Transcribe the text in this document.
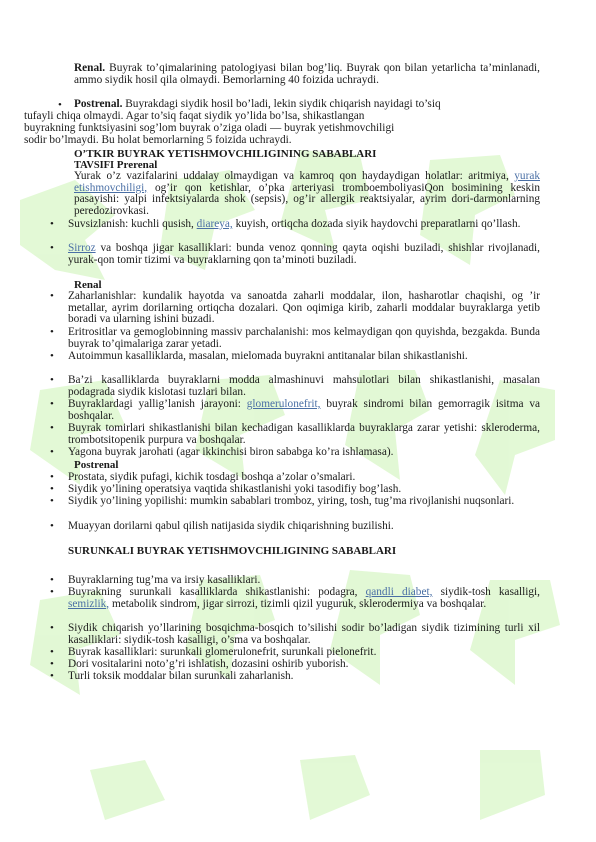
Renal. Buyrak to’qimalarining patologiyasi bilan bog’liq. Buyrak qon bilan yetarlicha ta’minlanadi, ammo siydik hosil qila olmaydi. Bemorlarning 40 foizida uchraydi.
• Postrenal. Buyrakdagi siydik hosil bo’ladi, lekin siydik chiqarish nayidagi to’siq
tufayli chiqa olmaydi. Agar to’siq faqat siydik yo’lida bo’lsa, shikastlangan
buyrakning funktsiyasini sog’lom buyrak o’ziga oladi — buyrak yetishmovchiligi
sodir bo’lmaydi. Bu holat bemorlarning 5 foizida uchraydi.
O’TKIR BUYRAK YETISHMOVCHILIGINING SABABLARI
TAVSIFI Prerenal
Yurak o’z vazifalarini uddalay olmaydigan va kamroq qon haydaydigan holatlar: aritmiya, yurak etishmovchiligi, og’ir qon ketishlar, o’pka arteriyasi tromboemboliyasiQon bosimining keskin pasayishi: yalpi infektsiyalarda shok (sepsis), og’ir allergik reaktsiyalar, ayrim dori-darmonlarning peredozirovkasi.
• Suvsizlanish: kuchli qusish, diareya, kuyish, ortiqcha dozada siyik haydovchi preparatlarni qo’llash.
• Sirroz va boshqa jigar kasalliklari: bunda venoz qonning qayta oqishi buziladi, shishlar rivojlanadi, yurak-qon tomir tizimi va buyraklarning qon ta’minoti buziladi.
Renal
• Zaharlanishlar: kundalik hayotda va sanoatda zaharli moddalar, ilon, hasharotlar chaqishi, og ’ir metallar, ayrim dorilarning ortiqcha dozalari. Qon oqimiga kirib, zaharli moddalar buyraklarga yetib boradi va ularning ishini buzadi.
• Eritrositlar va gemoglobinning massiv parchalanishi: mos kelmaydigan qon quyishda, bezgakda. Bunda buyrak to’qimalariga zarar yetadi.
• Autoimmun kasalliklarda, masalan, mielomada buyrakni antitanalar bilan shikastlanishi.
• Ba’zi kasalliklarda buyraklarni modda almashinuvi mahsulotlari bilan shikastlanishi, masalan podagrada siydik kislotasi tuzlari bilan.
• Buyraklardagi yallig’lanish jarayoni: glomerulonefrit, buyrak sindromi bilan gemorragik isitma va boshqalar.
• Buyrak tomirlari shikastlanishi bilan kechadigan kasalliklarda buyraklarga zarar yetishi: skleroderma, trombotsitopenik purpura va boshqalar.
• Yagona buyrak jarohati (agar ikkinchisi biron sababga ko’ra ishlamasa).
Postrenal
• Prostata, siydik pufagi, kichik tosdagi boshqa a’zolar o’smalari.
• Siydik yo’lining operatsiya vaqtida shikastlanishi yoki tasodifiy bog’lash.
• Siydik yo’lining yopilishi: mumkin sabablari tromboz, yiring, tosh, tug’ma rivojlanishi nuqsonlari.
• Muayyan dorilarni qabul qilish natijasida siydik chiqarishning buzilishi.
SURUNKALI BUYRAK YETISHMOVCHILIGINING SABABLARI
• Buyraklarning tug’ma va irsiy kasalliklari.
• Buyrakning surunkali kasalliklarda shikastlanishi: podagra, qandli diabet, siydik-tosh kasalligi, semizlik, metabolik sindrom, jigar sirrozi, tizimli qizil yuguruk, sklerodermiya va boshqalar.
• Siydik chiqarish yo’llarining bosqichma-bosqich to’silishi sodir bo’ladigan siydik tizimining turli xil kasalliklari: siydik-tosh kasalligi, o’sma va boshqalar.
• Buyrak kasalliklari: surunkali glomerulonefrit, surunkali pielonefrit.
• Dori vositalarini noto’g’ri ishlatish, dozasini oshirib yuborish.
• Turli toksik moddalar bilan surunkali zaharlanish.
